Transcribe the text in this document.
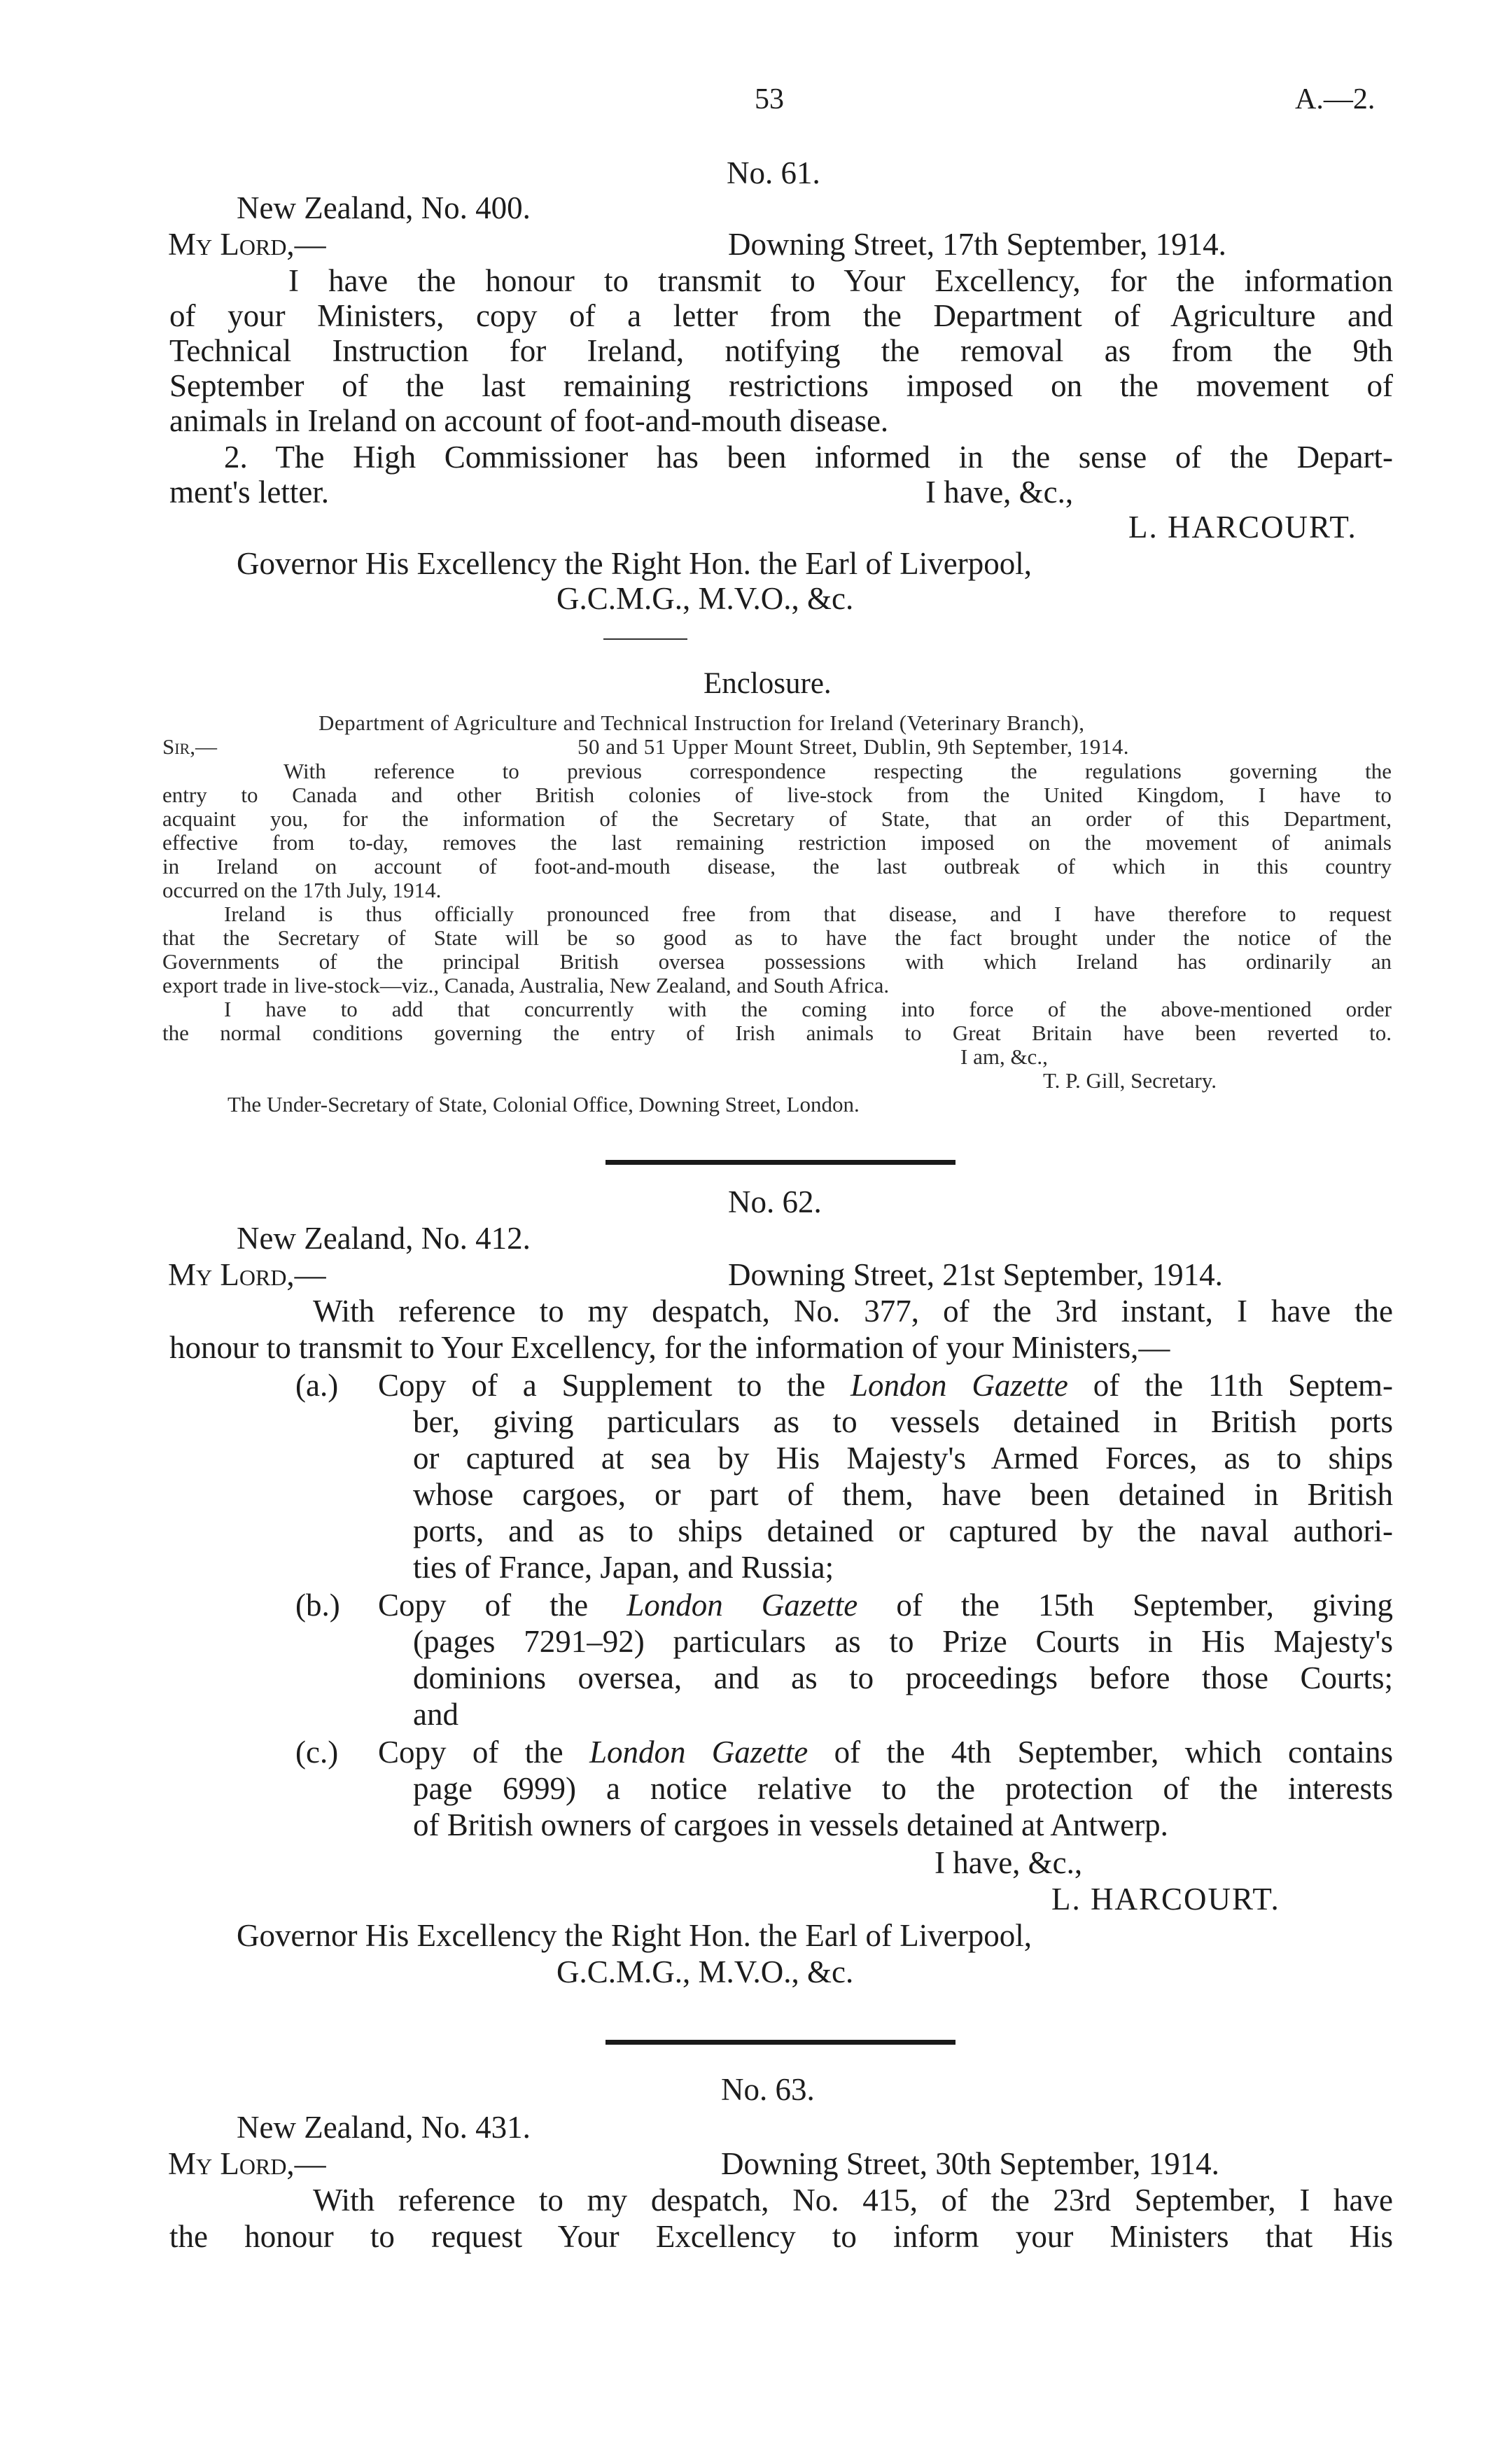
53	A.—2.
No. 61.
New Zealand, No. 400.
My Lord,—	Downing Street, 17th September, 1914.
I have the honour to transmit to Your Excellency, for the information
of your Ministers, copy of a letter from the Department of Agriculture and
Technical Instruction for Ireland, notifying the removal as from the 9th
September of the last remaining restrictions imposed on the movement of
animals in Ireland on account of foot-and-mouth disease.
2. The High Commissioner has been informed in the sense of the Depart-
ment's letter.	I have, &c.,
L. HARCOURT.
Governor His Excellency the Right Hon. the Earl of Liverpool,
G.C.M.G., M.V.O., &c.
Enclosure.
Department of Agriculture and Technical Instruction for Ireland (Veterinary Branch),
Sir,—	50 and 51 Upper Mount Street, Dublin, 9th September, 1914.
With reference to previous correspondence respecting the regulations governing the
entry to Canada and other British colonies of live-stock from the United Kingdom, I have to
acquaint you, for the information of the Secretary of State, that an order of this Department,
effective from to-day, removes the last remaining restriction imposed on the movement of animals
in Ireland on account of foot-and-mouth disease, the last outbreak of which in this country
occurred on the 17th July, 1914.
Ireland is thus officially pronounced free from that disease, and I have therefore to request
that the Secretary of State will be so good as to have the fact brought under the notice of the
Governments of the principal British oversea possessions with which Ireland has ordinarily an
export trade in live-stock—viz., Canada, Australia, New Zealand, and South Africa.
I have to add that concurrently with the coming into force of the above-mentioned order
the normal conditions governing the entry of Irish animals to Great Britain have been reverted to.
I am, &c.,
T. P. Gill, Secretary.
The Under-Secretary of State, Colonial Office, Downing Street, London.
No. 62.
New Zealand, No. 412.
My Lord,—	Downing Street, 21st September, 1914.
With reference to my despatch, No. 377, of the 3rd instant, I have the
honour to transmit to Your Excellency, for the information of your Ministers,—
(a.) Copy of a Supplement to the London Gazette of the 11th Septem-
ber, giving particulars as to vessels detained in British ports
or captured at sea by His Majesty's Armed Forces, as to ships
whose cargoes, or part of them, have been detained in British
ports, and as to ships detained or captured by the naval authori-
ties of France, Japan, and Russia;
(b.) Copy of the London Gazette of the 15th September, giving
(pages 7291–92) particulars as to Prize Courts in His Majesty's
dominions oversea, and as to proceedings before those Courts;
and
(c.) Copy of the London Gazette of the 4th September, which contains
page 6999) a notice relative to the protection of the interests
of British owners of cargoes in vessels detained at Antwerp.
I have, &c.,
L. HARCOURT.
Governor His Excellency the Right Hon. the Earl of Liverpool,
G.C.M.G., M.V.O., &c.
No. 63.
New Zealand, No. 431.
My Lord,—	Downing Street, 30th September, 1914.
With reference to my despatch, No. 415, of the 23rd September, I have
the honour to request Your Excellency to inform your Ministers that His
